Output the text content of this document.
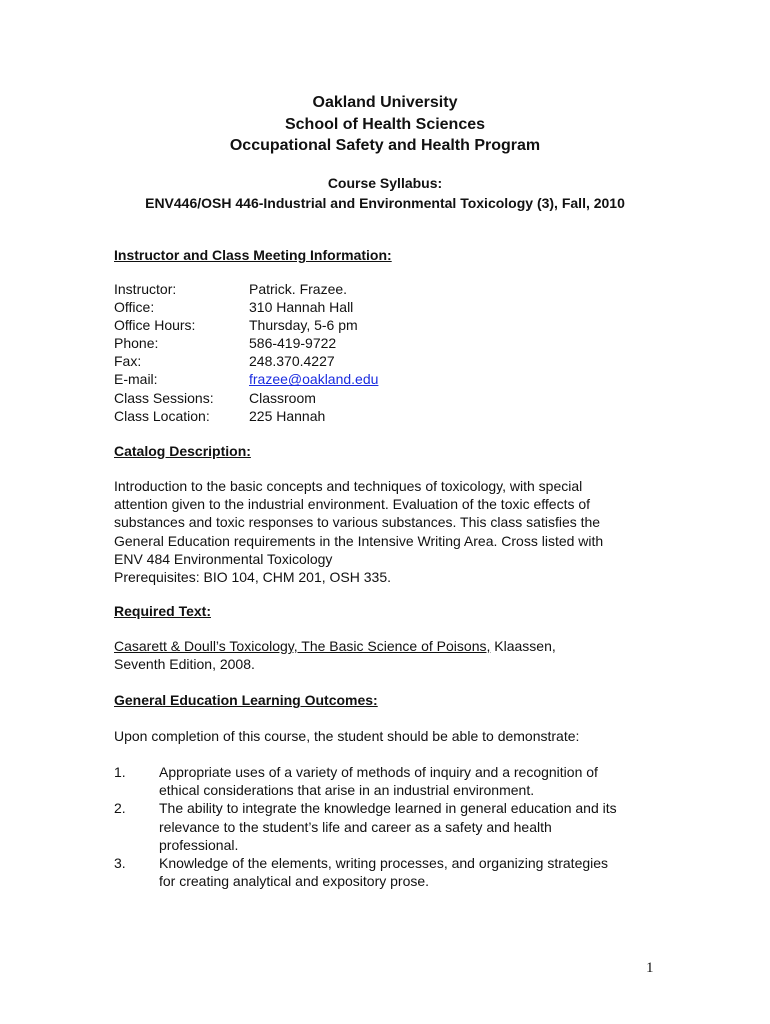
Oakland University
School of Health Sciences
Occupational Safety and Health Program
Course Syllabus:
ENV446/OSH 446-Industrial and Environmental Toxicology (3), Fall, 2010
Instructor and Class Meeting Information:
Instructor:	Patrick. Frazee.
Office:	310 Hannah Hall
Office Hours:	Thursday, 5-6 pm
Phone:	586-419-9722
Fax:	248.370.4227
E-mail:	frazee@oakland.edu
Class Sessions:	Classroom
Class Location:	225 Hannah
Catalog Description:
Introduction to the basic concepts and techniques of toxicology, with special
attention given to the industrial environment. Evaluation of the toxic effects of
substances and toxic responses to various substances. This class satisfies the
General Education requirements in the Intensive Writing Area. Cross listed with
ENV 484 Environmental Toxicology
Prerequisites: BIO 104, CHM 201, OSH 335.
Required Text:
Casarett & Doull’s Toxicology, The Basic Science of Poisons, Klaassen,
Seventh Edition, 2008.
General Education Learning Outcomes:
Upon completion of this course, the student should be able to demonstrate:
1.	Appropriate uses of a variety of methods of inquiry and a recognition of
ethical considerations that arise in an industrial environment.
2.	The ability to integrate the knowledge learned in general education and its
relevance to the student’s life and career as a safety and health
professional.
3.	Knowledge of the elements, writing processes, and organizing strategies
for creating analytical and expository prose.
1
